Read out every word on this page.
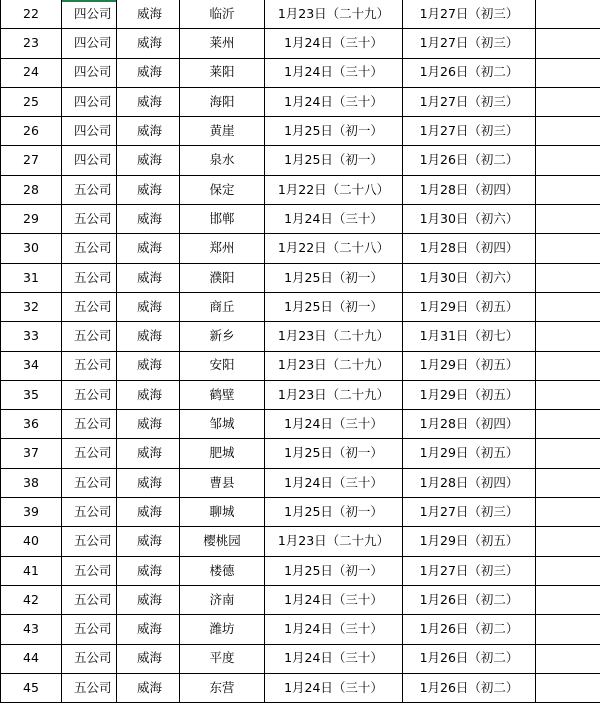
22	四公司	威海	临沂	1月23日（二十九）	1月27日（初三）	
23	四公司	威海	莱州	1月24日（三十）	1月27日（初三）	
24	四公司	威海	莱阳	1月24日（三十）	1月26日（初二）	
25	四公司	威海	海阳	1月24日（三十）	1月27日（初三）	
26	四公司	威海	黄崖	1月25日（初一）	1月27日（初三）	
27	四公司	威海	泉水	1月25日（初一）	1月26日（初二）	
28	五公司	威海	保定	1月22日（二十八）	1月28日（初四）	
29	五公司	威海	邯郸	1月24日（三十）	1月30日（初六）	
30	五公司	威海	郑州	1月22日（二十八）	1月28日（初四）	
31	五公司	威海	濮阳	1月25日（初一）	1月30日（初六）	
32	五公司	威海	商丘	1月25日（初一）	1月29日（初五）	
33	五公司	威海	新乡	1月23日（二十九）	1月31日（初七）	
34	五公司	威海	安阳	1月23日（二十九）	1月29日（初五）	
35	五公司	威海	鹤壁	1月23日（二十九）	1月29日（初五）	
36	五公司	威海	邹城	1月24日（三十）	1月28日（初四）	
37	五公司	威海	肥城	1月25日（初一）	1月29日（初五）	
38	五公司	威海	曹县	1月24日（三十）	1月28日（初四）	
39	五公司	威海	聊城	1月25日（初一）	1月27日（初三）	
40	五公司	威海	樱桃园	1月23日（二十九）	1月29日（初五）	
41	五公司	威海	楼德	1月25日（初一）	1月27日（初三）	
42	五公司	威海	济南	1月24日（三十）	1月26日（初二）	
43	五公司	威海	潍坊	1月24日（三十）	1月26日（初二）	
44	五公司	威海	平度	1月24日（三十）	1月26日（初二）	
45	五公司	威海	东营	1月24日（三十）	1月26日（初二）	
